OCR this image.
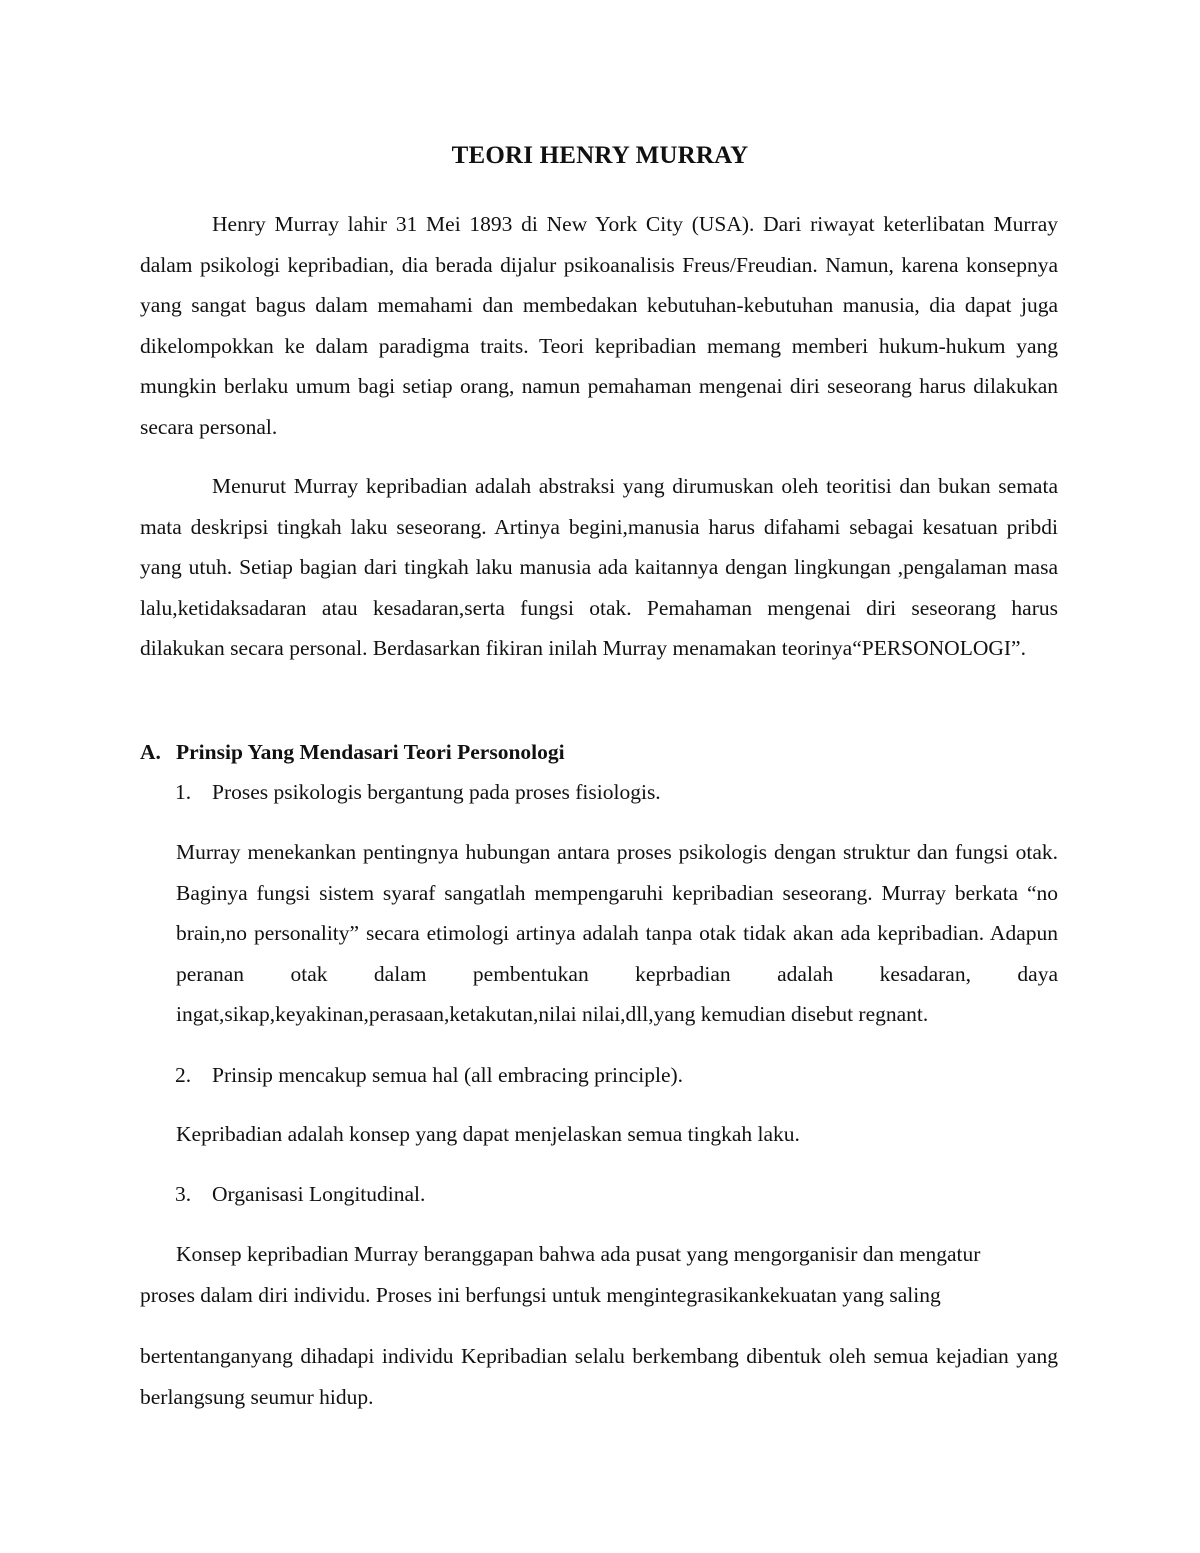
TEORI HENRY MURRAY

Henry Murray lahir 31 Mei 1893 di New York City (USA). Dari riwayat keterlibatan Murray dalam psikologi kepribadian, dia berada dijalur psikoanalisis Freus/Freudian. Namun, karena konsepnya yang sangat bagus dalam memahami dan membedakan kebutuhan-kebutuhan manusia, dia dapat juga dikelompokkan ke dalam paradigma traits. Teori kepribadian memang memberi hukum-hukum yang mungkin berlaku umum bagi setiap orang, namun pemahaman mengenai diri seseorang harus dilakukan secara personal.

Menurut Murray kepribadian adalah abstraksi yang dirumuskan oleh teoritisi dan bukan semata mata deskripsi tingkah laku seseorang. Artinya begini,manusia harus difahami sebagai kesatuan pribdi yang utuh. Setiap bagian dari tingkah laku manusia ada kaitannya dengan lingkungan ,pengalaman masa lalu,ketidaksadaran atau kesadaran,serta fungsi otak. Pemahaman mengenai diri seseorang harus dilakukan secara personal. Berdasarkan fikiran inilah Murray menamakan teorinya“PERSONOLOGI”.

A. Prinsip Yang Mendasari Teori Personologi
1. Proses psikologis bergantung pada proses fisiologis.

Murray menekankan pentingnya hubungan antara proses psikologis dengan struktur dan fungsi otak. Baginya fungsi sistem syaraf sangatlah mempengaruhi kepribadian seseorang. Murray berkata “no brain,no personality” secara etimologi artinya adalah tanpa otak tidak akan ada kepribadian. Adapun peranan otak dalam pembentukan keprbadian adalah kesadaran, daya ingat,sikap,keyakinan,perasaan,ketakutan,nilai nilai,dll,yang kemudian disebut regnant.

2. Prinsip mencakup semua hal (all embracing principle).

Kepribadian adalah konsep yang dapat menjelaskan semua tingkah laku.

3. Organisasi Longitudinal.
Konsep kepribadian Murray beranggapan bahwa ada pusat yang mengorganisir dan mengatur
proses dalam diri individu. Proses ini berfungsi untuk mengintegrasikankekuatan yang saling

bertentanganyang dihadapi individu Kepribadian selalu berkembang dibentuk oleh semua kejadian yang berlangsung seumur hidup.
